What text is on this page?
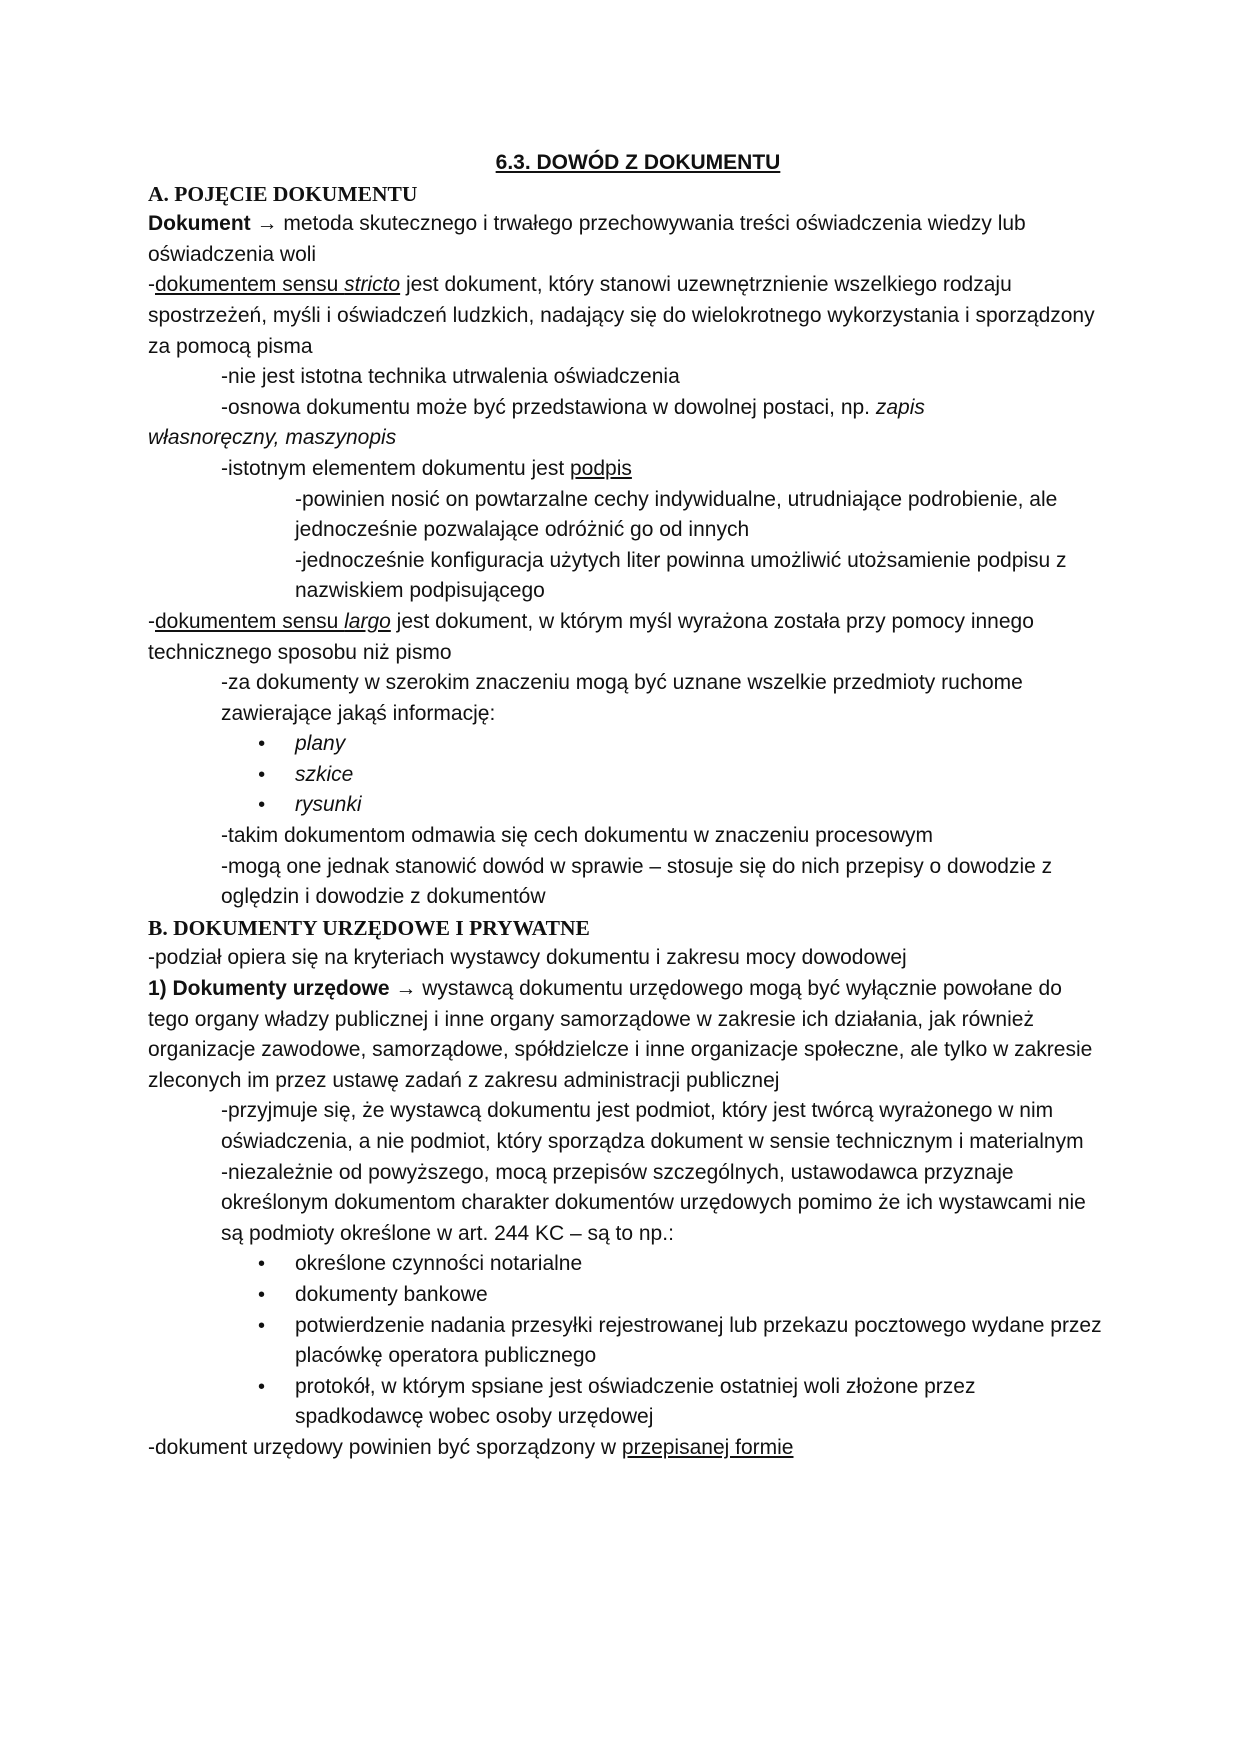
6.3. DOWÓD Z DOKUMENTU

A. POJĘCIE DOKUMENTU

Dokument → metoda skutecznego i trwałego przechowywania treści oświadczenia wiedzy lub oświadczenia woli

-dokumentem sensu stricto jest dokument, który stanowi uzewnętrznienie wszelkiego rodzaju spostrzeżeń, myśli i oświadczeń ludzkich, nadający się do wielokrotnego wykorzystania i sporządzony za pomocą pisma

-nie jest istotna technika utrwalenia oświadczenia

-osnowa dokumentu może być przedstawiona w dowolnej postaci, np. zapis
własnoręczny, maszynopis

-istotnym elementem dokumentu jest podpis

-powinien nosić on powtarzalne cechy indywidualne, utrudniające podrobienie, ale jednocześnie pozwalające odróżnić go od innych

-jednocześnie konfiguracja użytych liter powinna umożliwić utożsamienie podpisu z nazwiskiem podpisującego

-dokumentem sensu largo jest dokument, w którym myśl wyrażona została przy pomocy innego technicznego sposobu niż pismo

-za dokumenty w szerokim znaczeniu mogą być uznane wszelkie przedmioty ruchome zawierające jakąś informację:

• plany
• szkice
• rysunki

-takim dokumentom odmawia się cech dokumentu w znaczeniu procesowym

-mogą one jednak stanowić dowód w sprawie – stosuje się do nich przepisy o dowodzie z oględzin i dowodzie z dokumentów

B. DOKUMENTY URZĘDOWE I PRYWATNE

-podział opiera się na kryteriach wystawcy dokumentu i zakresu mocy dowodowej

1) Dokumenty urzędowe → wystawcą dokumentu urzędowego mogą być wyłącznie powołane do tego organy władzy publicznej i inne organy samorządowe w zakresie ich działania, jak również organizacje zawodowe, samorządowe, spółdzielcze i inne organizacje społeczne, ale tylko w zakresie zleconych im przez ustawę zadań z zakresu administracji publicznej

-przyjmuje się, że wystawcą dokumentu jest podmiot, który jest twórcą wyrażonego w nim oświadczenia, a nie podmiot, który sporządza dokument w sensie technicznym i materialnym

-niezależnie od powyższego, mocą przepisów szczególnych, ustawodawca przyznaje określonym dokumentom charakter dokumentów urzędowych pomimo że ich wystawcami nie są podmioty określone w art. 244 KC – są to np.:

• określone czynności notarialne
• dokumenty bankowe
• potwierdzenie nadania przesyłki rejestrowanej lub przekazu pocztowego wydane przez placówkę operatora publicznego
• protokół, w którym spsiane jest oświadczenie ostatniej woli złożone przez spadkodawcę wobec osoby urzędowej

-dokument urzędowy powinien być sporządzony w przepisanej formie
